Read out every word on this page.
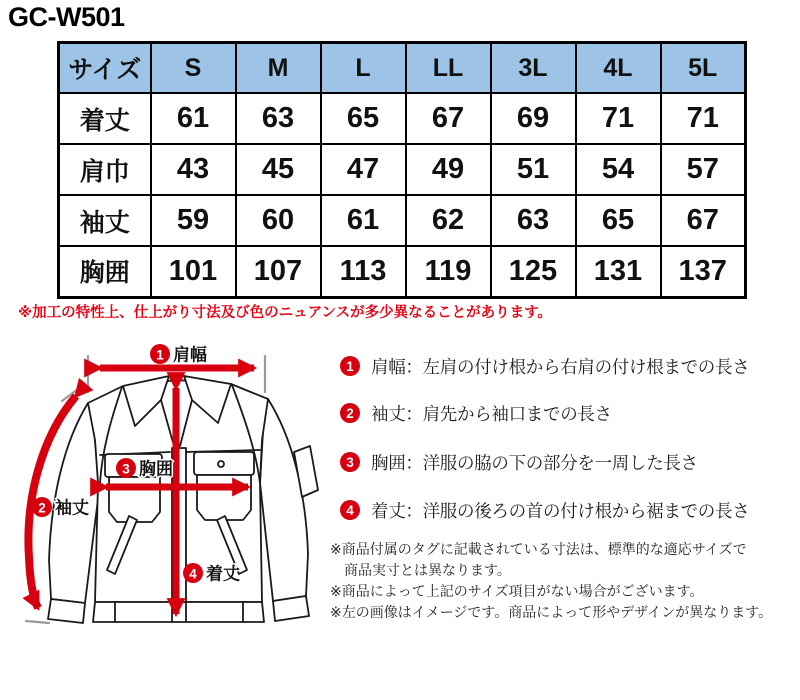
GC-W501
サイズ	S	M	L	LL	3L	4L	5L
着丈	61	63	65	67	69	71	71
肩巾	43	45	47	49	51	54	57
袖丈	59	60	61	62	63	65	67
胸囲	101	107	113	119	125	131	137
※加工の特性上、仕上がり寸法及び色のニュアンスが多少異なることがあります。
1 肩幅
2 袖丈
3 胸囲
4 着丈
1 肩幅：左肩の付け根から右肩の付け根までの長さ
2 袖丈：肩先から袖口までの長さ
3 胸囲：洋服の脇の下の部分を一周した長さ
4 着丈：洋服の後ろの首の付け根から裾までの長さ
※商品付属のタグに記載されている寸法は、標準的な適応サイズで
商品実寸とは異なります。
※商品によって上記のサイズ項目がない場合がございます。
※左の画像はイメージです。商品によって形やデザインが異なります。
